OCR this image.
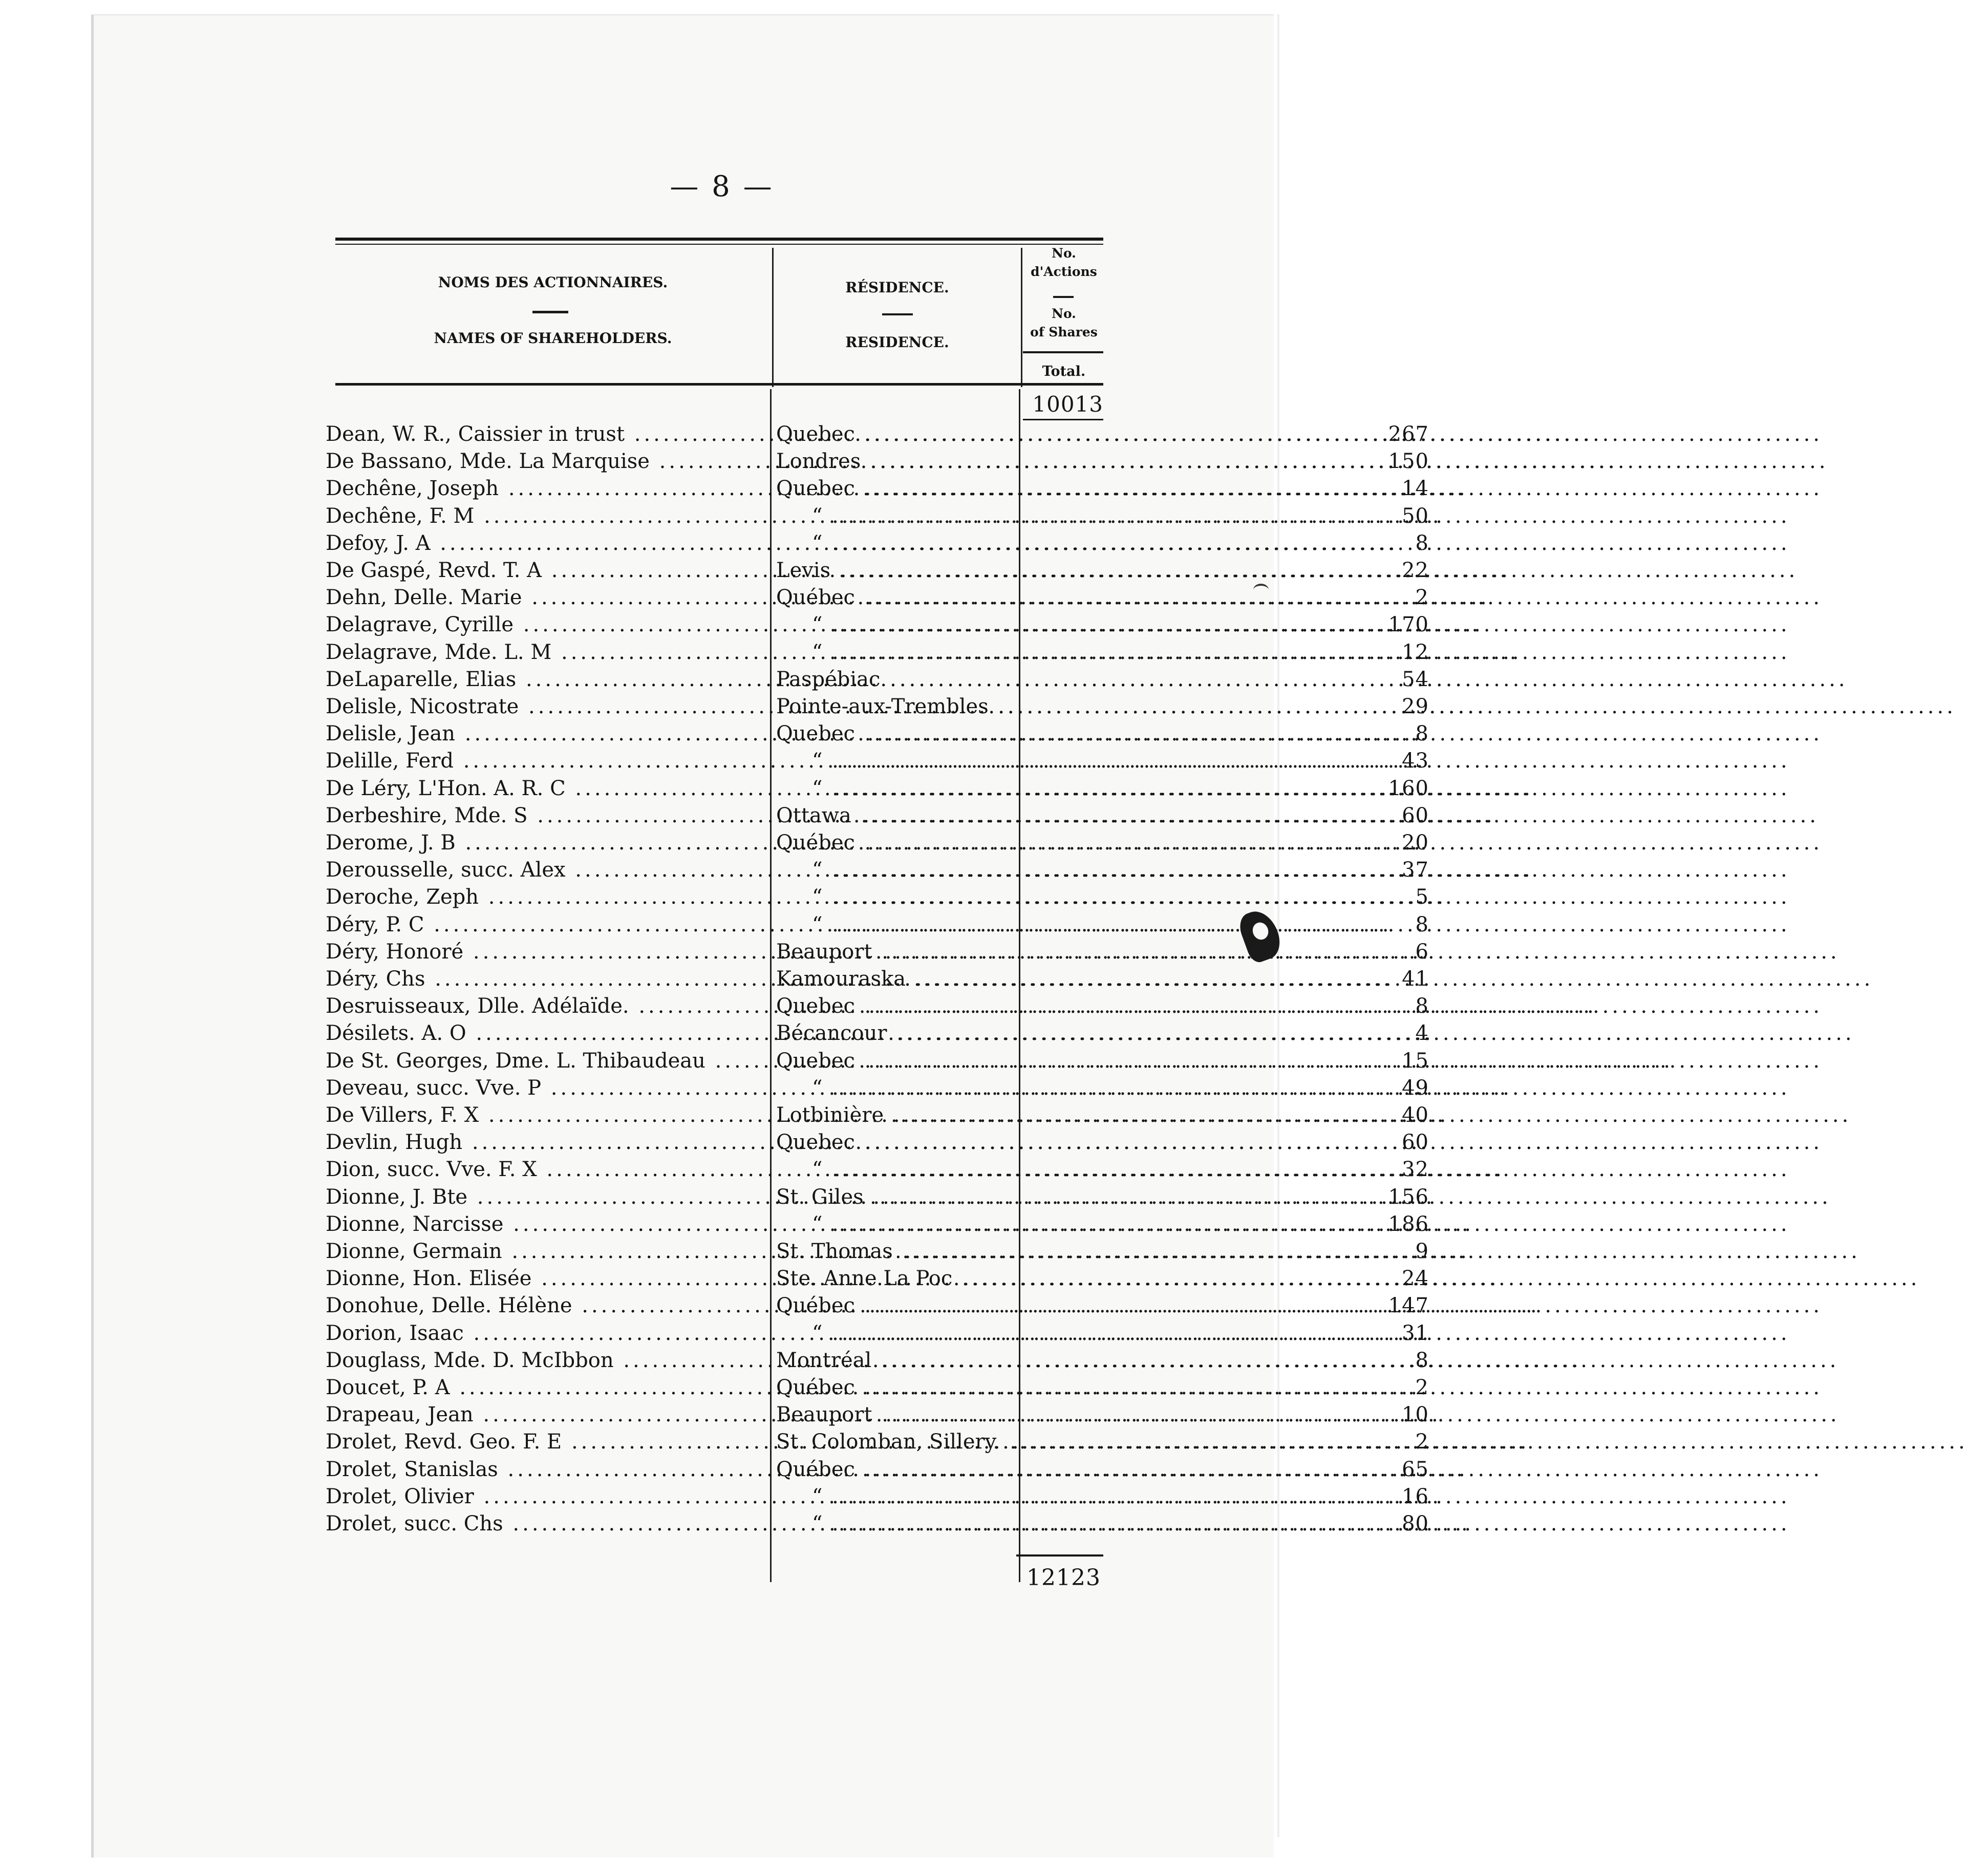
— 8 —
NOMS DES ACTIONNAIRES.
NAMES OF SHAREHOLDERS.
RÉSIDENCE.
RESIDENCE.
No.
d'Actions
No.
of Shares
Total.
10013
Dean, W. R., Caissier in trust .....	Quebec .....	267
De Bassano, Mde. La Marquise .....	Londres .....	150
Dechêne, Joseph .....	Quebec .....	14
Dechêne, F. M .....	“ .....	50
Defoy, J. A .....	“ .....	8
De Gaspé, Revd. T. A .....	Levis .....	22
Dehn, Delle. Marie .....	Québec .....	2
Delagrave, Cyrille .....	“ .....	170
Delagrave, Mde. L. M .....	“ .....	12
DeLaparelle, Elias .....	Paspébiac .....	54
Delisle, Nicostrate .....	Pointe-aux-Trembles .....	29
Delisle, Jean .....	Quebec .....	8
Delille, Ferd .....	“ .....	43
De Léry, L'Hon. A. R. C .....	“ .....	160
Derbeshire, Mde. S .....	Ottawa .....	60
Derome, J. B .....	Québec .....	20
Derousselle, succ. Alex .....	“ .....	37
Deroche, Zeph .....	“ .....	5
Déry, P. C .....	“ .....	8
Déry, Honoré .....	Beauport .....	6
Déry, Chs .....	Kamouraska .....	41
Desruisseaux, Dlle. Adélaïde. .....	Quebec .....	8
Désilets. A. O .....	Bécancour .....	4
De St. Georges, Dme. L. Thibaudeau .....	Quebec .....	15
Deveau, succ. Vve. P .....	“ .....	49
De Villers, F. X .....	Lotbinière .....	40
Devlin, Hugh .....	Quebec .....	60
Dion, succ. Vve. F. X .....	“ .....	32
Dionne, J. Bte .....	St. Giles .....	156
Dionne, Narcisse .....	“ .....	186
Dionne, Germain .....	St. Thomas .....	9
Dionne, Hon. Elisée .....	Ste. Anne La Poc .....	24
Donohue, Delle. Hélène .....	Québec .....	147
Dorion, Isaac .....	“ .....	31
Douglass, Mde. D. McIbbon .....	Montréal .....	8
Doucet, P. A .....	Québec .....	2
Drapeau, Jean .....	Beauport .....	10
Drolet, Revd. Geo. F. E .....	St. Colomban, Sillery. .....	2
Drolet, Stanislas .....	Québec .....	65
Drolet, Olivier .....	“ .....	16
Drolet, succ. Chs .....	“ .....	80
12123
